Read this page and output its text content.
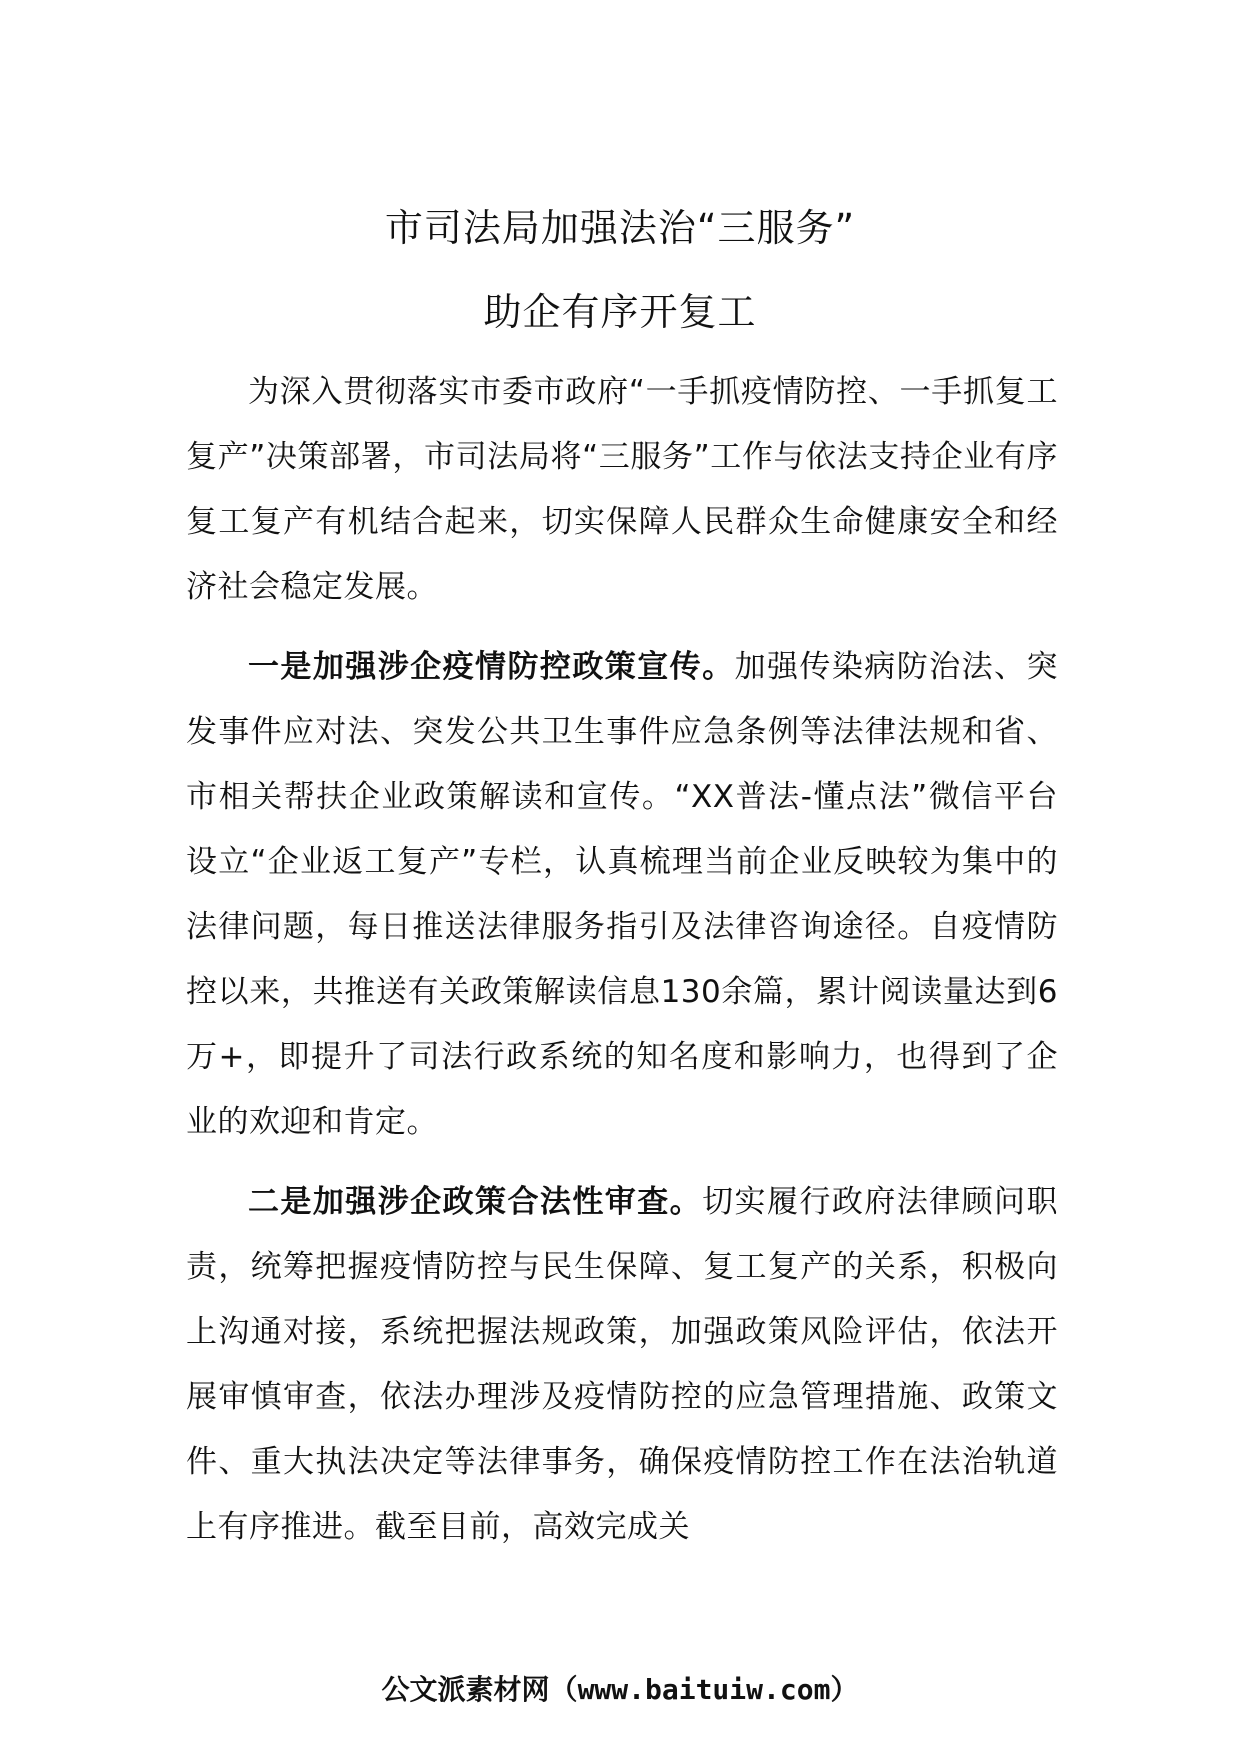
市司法局加强法治“三服务”

助企有序开复工

为深入贯彻落实市委市政府“一手抓疫情防控、一手抓复工复产”决策部署，市司法局将“三服务”工作与依法支持企业有序复工复产有机结合起来，切实保障人民群众生命健康安全和经济社会稳定发展。

一是加强涉企疫情防控政策宣传。加强传染病防治法、突发事件应对法、突发公共卫生事件应急条例等法律法规和省、市相关帮扶企业政策解读和宣传。“XX普法-懂点法”微信平台设立“企业返工复产”专栏，认真梳理当前企业反映较为集中的法律问题，每日推送法律服务指引及法律咨询途径。自疫情防控以来，共推送有关政策解读信息130余篇，累计阅读量达到6万+，即提升了司法行政系统的知名度和影响力，也得到了企业的欢迎和肯定。

二是加强涉企政策合法性审查。切实履行政府法律顾问职责，统筹把握疫情防控与民生保障、复工复产的关系，积极向上沟通对接，系统把握法规政策，加强政策风险评估，依法开展审慎审查，依法办理涉及疫情防控的应急管理措施、政策文件、重大执法决定等法律事务，确保疫情防控工作在法治轨道上有序推进。截至目前，高效完成关

公文派素材网（www.baituiw.com）
